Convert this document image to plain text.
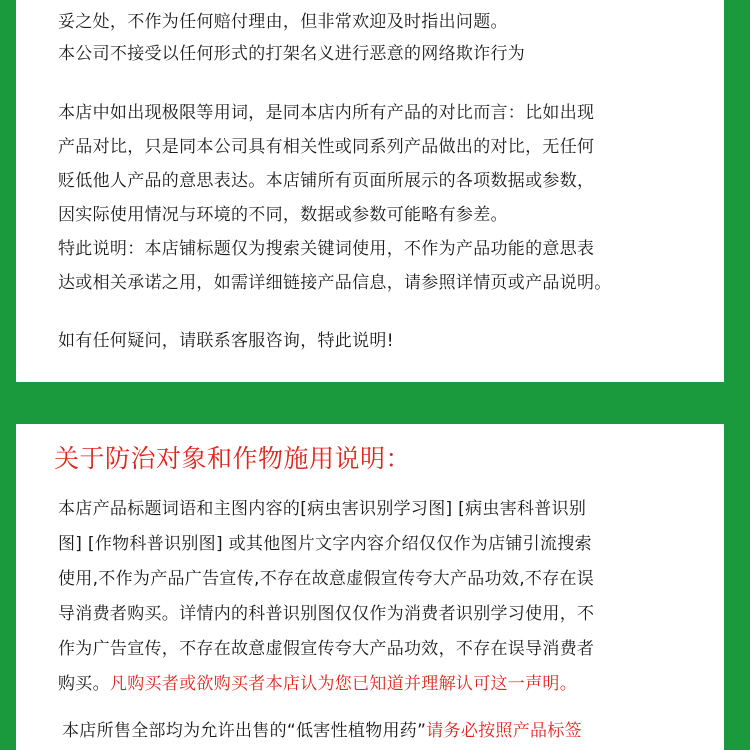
妥之处，不作为任何赔付理由，但非常欢迎及时指出问题。
本公司不接受以任何形式的打架名义进行恶意的网络欺诈行为
本店中如出现极限等用词，是同本店内所有产品的对比而言：比如出现
产品对比，只是同本公司具有相关性或同系列产品做出的对比，无任何
贬低他人产品的意思表达。本店铺所有页面所展示的各项数据或参数，
因实际使用情况与环境的不同，数据或参数可能略有参差。
特此说明：本店铺标题仅为搜索关键词使用，不作为产品功能的意思表
达或相关承诺之用，如需详细链接产品信息，请参照详情页或产品说明。
如有任何疑问，请联系客服咨询，特此说明!
关于防治对象和作物施用说明：
本店产品标题词语和主图内容的[病虫害识别学习图] [病虫害科普识别
图] [作物科普识别图] 或其他图片文字内容介绍仅仅作为店铺引流搜索
使用,不作为产品广告宣传,不存在故意虚假宣传夸大产品功效,不存在误
导消费者购买。详情内的科普识别图仅仅作为消费者识别学习使用，不
作为广告宣传，不存在故意虚假宣传夸大产品功效，不存在误导消费者
购买。凡购买者或欲购买者本店认为您已知道并理解认可这一声明。
本店所售全部均为允许出售的“低害性植物用药”请务必按照产品标签
